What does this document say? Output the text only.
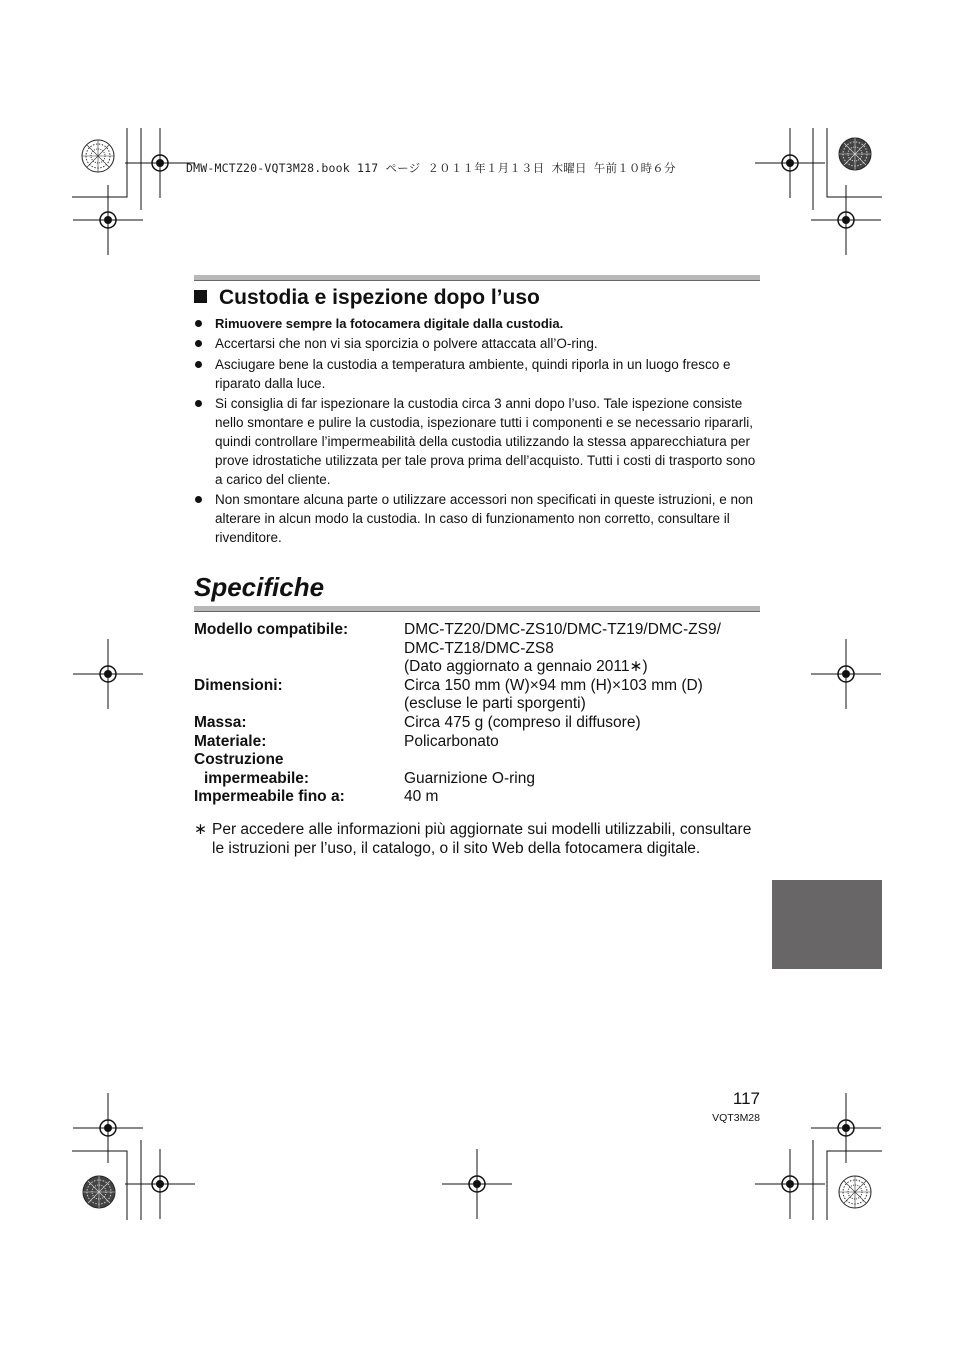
DMW-MCTZ20-VQT3M28.book 117 ページ ２０１１年１月１３日 木曜日 午前１０時６分
Custodia e ispezione dopo l’uso
Rimuovere sempre la fotocamera digitale dalla custodia.
Accertarsi che non vi sia sporcizia o polvere attaccata all’O-ring.
Asciugare bene la custodia a temperatura ambiente, quindi riporla in un luogo fresco e riparato dalla luce.
Si consiglia di far ispezionare la custodia circa 3 anni dopo l’uso. Tale ispezione consiste nello smontare e pulire la custodia, ispezionare tutti i componenti e se necessario ripararli, quindi controllare l’impermeabilità della custodia utilizzando la stessa apparecchiatura per prove idrostatiche utilizzata per tale prova prima dell’acquisto. Tutti i costi di trasporto sono a carico del cliente.
Non smontare alcuna parte o utilizzare accessori non specificati in queste istruzioni, e non alterare in alcun modo la custodia. In caso di funzionamento non corretto, consultare il rivenditore.
Specifiche
Modello compatibile:	DMC-TZ20/DMC-ZS10/DMC-TZ19/DMC-ZS9/
DMC-TZ18/DMC-ZS8
(Dato aggiornato a gennaio 2011∗)
Dimensioni:	Circa 150 mm (W)×94 mm (H)×103 mm (D)
(escluse le parti sporgenti)
Massa:	Circa 475 g (compreso il diffusore)
Materiale:	Policarbonato
Costruzione
impermeabile:
	Guarnizione O-ring
Impermeabile fino a:	40 m
∗ Per accedere alle informazioni più aggiornate sui modelli utilizzabili, consultare le istruzioni per l’uso, il catalogo, o il sito Web della fotocamera digitale.
117
VQT3M28
